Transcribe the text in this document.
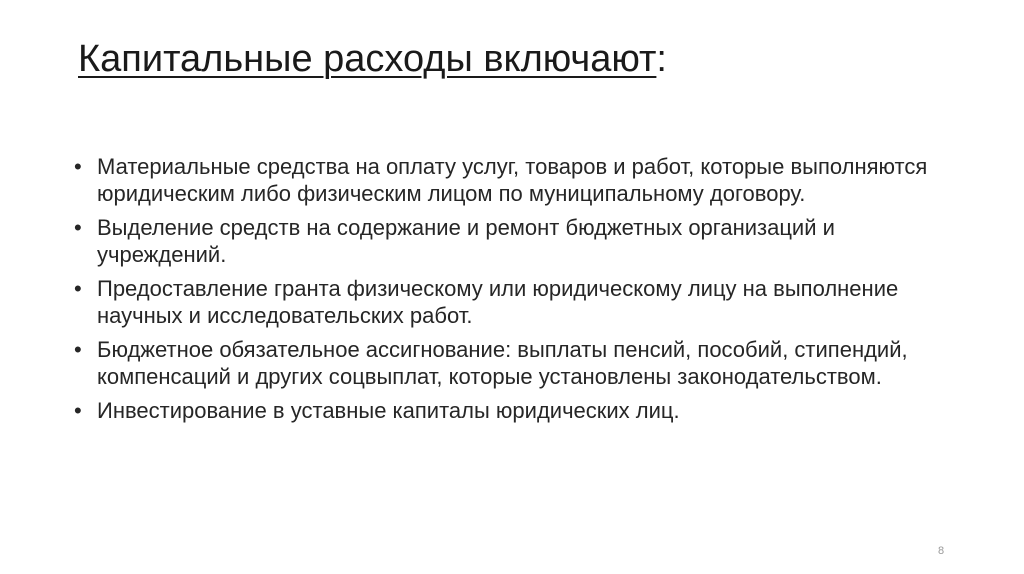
Капитальные расходы включают:
• Материальные средства на оплату услуг, товаров и работ, которые выполняются юридическим либо физическим лицом по муниципальному договору.
• Выделение средств на содержание и ремонт бюджетных организаций и учреждений.
• Предоставление гранта физическому или юридическому лицу на выполнение научных и исследовательских работ.
• Бюджетное обязательное ассигнование: выплаты пенсий, пособий, стипендий, компенсаций и других соцвыплат, которые установлены законодательством.
• Инвестирование в уставные капиталы юридических лиц.
8
